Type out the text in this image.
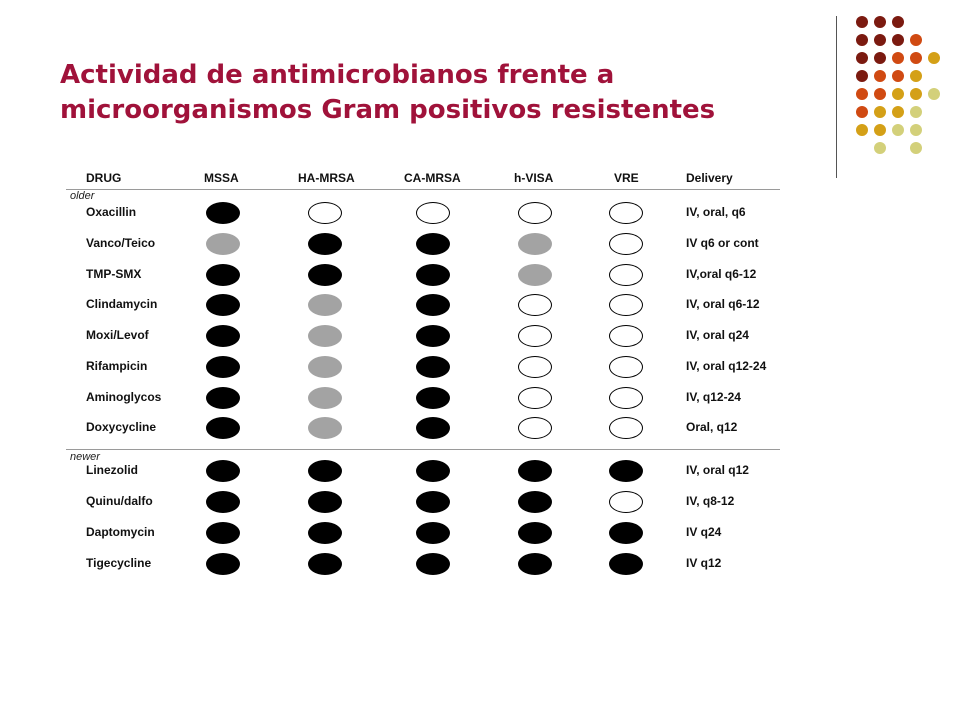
Actividad de antimicrobianos frente a
microorganismos Gram positivos resistentes
DRUG	MSSA	HA-MRSA	CA-MRSA	h-VISA	VRE	Delivery
older
Oxacillin	IV, oral, q6
Vanco/Teico	IV q6 or cont
TMP-SMX	IV,oral q6-12
Clindamycin	IV, oral q6-12
Moxi/Levof	IV, oral q24
Rifampicin	IV, oral q12-24
Aminoglycos	IV, q12-24
Doxycycline	Oral, q12
newer
Linezolid	IV, oral q12
Quinu/dalfo	IV, q8-12
Daptomycin	IV q24
Tigecycline	IV q12
